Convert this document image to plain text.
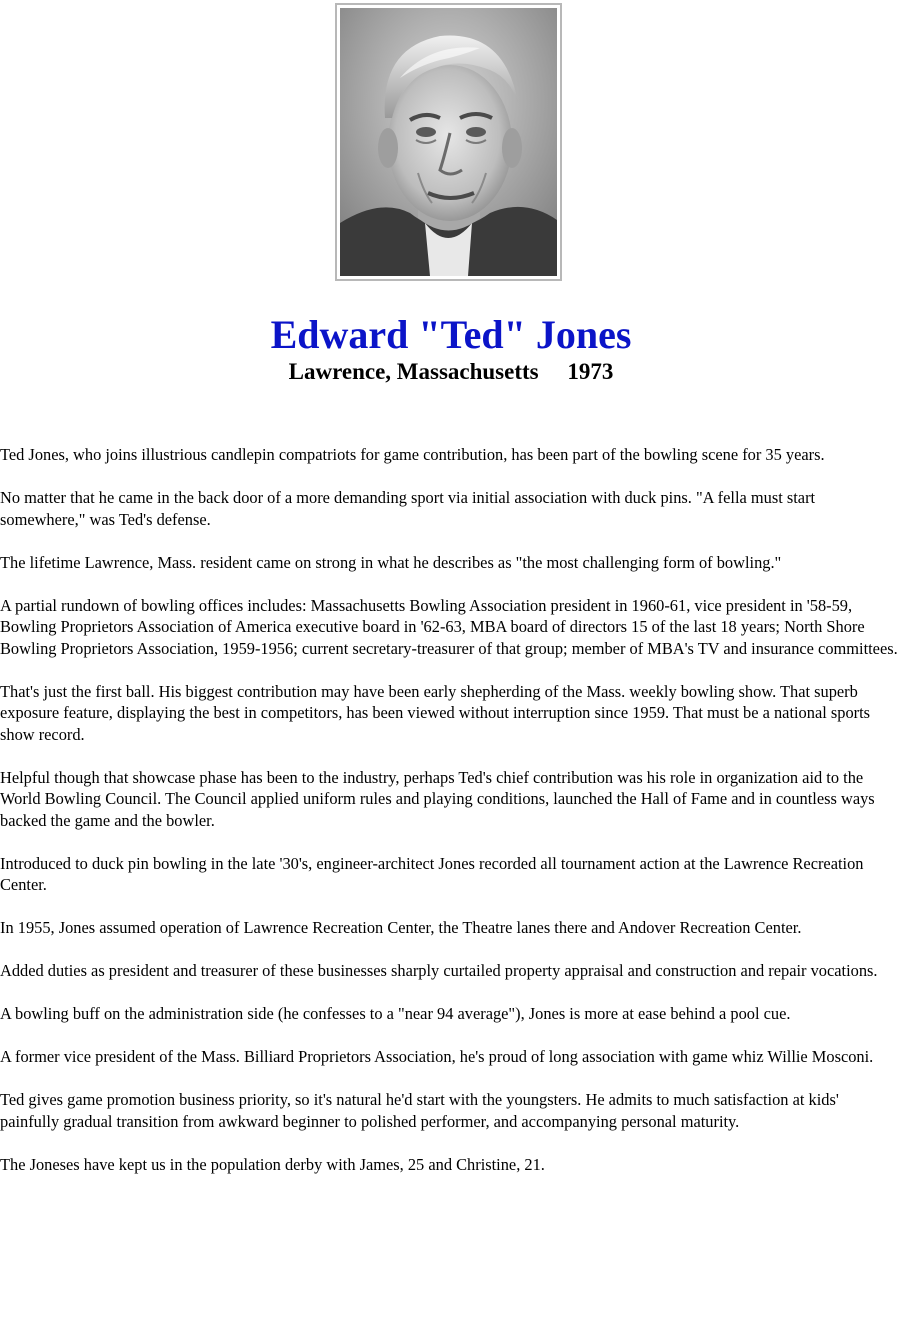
Edward "Ted" Jones
Lawrence, Massachusetts     1973

Ted Jones, who joins illustrious candlepin compatriots for game contribution, has been part of the bowling scene for 35 years.

No matter that he came in the back door of a more demanding sport via initial association with duck pins. "A fella must start somewhere," was Ted's defense.

The lifetime Lawrence, Mass. resident came on strong in what he describes as "the most challenging form of bowling."

A partial rundown of bowling offices includes: Massachusetts Bowling Association president in 1960-61, vice president in '58-59, Bowling Proprietors Association of America executive board in '62-63, MBA board of directors 15 of the last 18 years; North Shore Bowling Proprietors Association, 1959-1956; current secretary-treasurer of that group; member of MBA's TV and insurance committees.

That's just the first ball. His biggest contribution may have been early shepherding of the Mass. weekly bowling show. That superb exposure feature, displaying the best in competitors, has been viewed without interruption since 1959. That must be a national sports show record.

Helpful though that showcase phase has been to the industry, perhaps Ted's chief contribution was his role in organization aid to the World Bowling Council. The Council applied uniform rules and playing conditions, launched the Hall of Fame and in countless ways backed the game and the bowler.

Introduced to duck pin bowling in the late '30's, engineer-architect Jones recorded all tournament action at the Lawrence Recreation Center.

In 1955, Jones assumed operation of Lawrence Recreation Center, the Theatre lanes there and Andover Recreation Center.

Added duties as president and treasurer of these businesses sharply curtailed property appraisal and construction and repair vocations.

A bowling buff on the administration side (he confesses to a "near 94 average"), Jones is more at ease behind a pool cue.

A former vice president of the Mass. Billiard Proprietors Association, he's proud of long association with game whiz Willie Mosconi.

Ted gives game promotion business priority, so it's natural he'd start with the youngsters. He admits to much satisfaction at kids' painfully gradual transition from awkward beginner to polished performer, and accompanying personal maturity.

The Joneses have kept us in the population derby with James, 25 and Christine, 21.
